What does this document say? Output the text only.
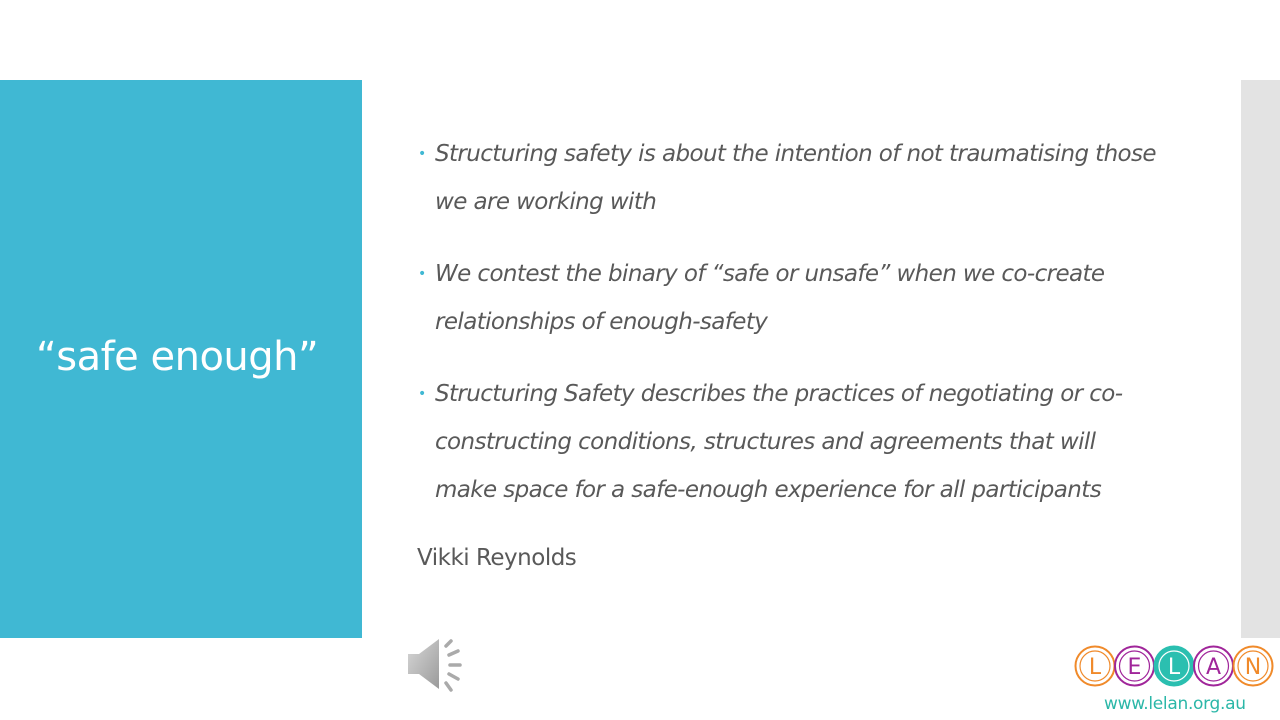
“safe enough”
• Structuring safety is about the intention of not traumatising those we are working with
• We contest the binary of “safe or unsafe” when we co-create relationships of enough-safety
• Structuring Safety describes the practices of negotiating or co-constructing conditions, structures and agreements that will make space for a safe-enough experience for all participants
Vikki Reynolds
L E L A N
www.lelan.org.au
